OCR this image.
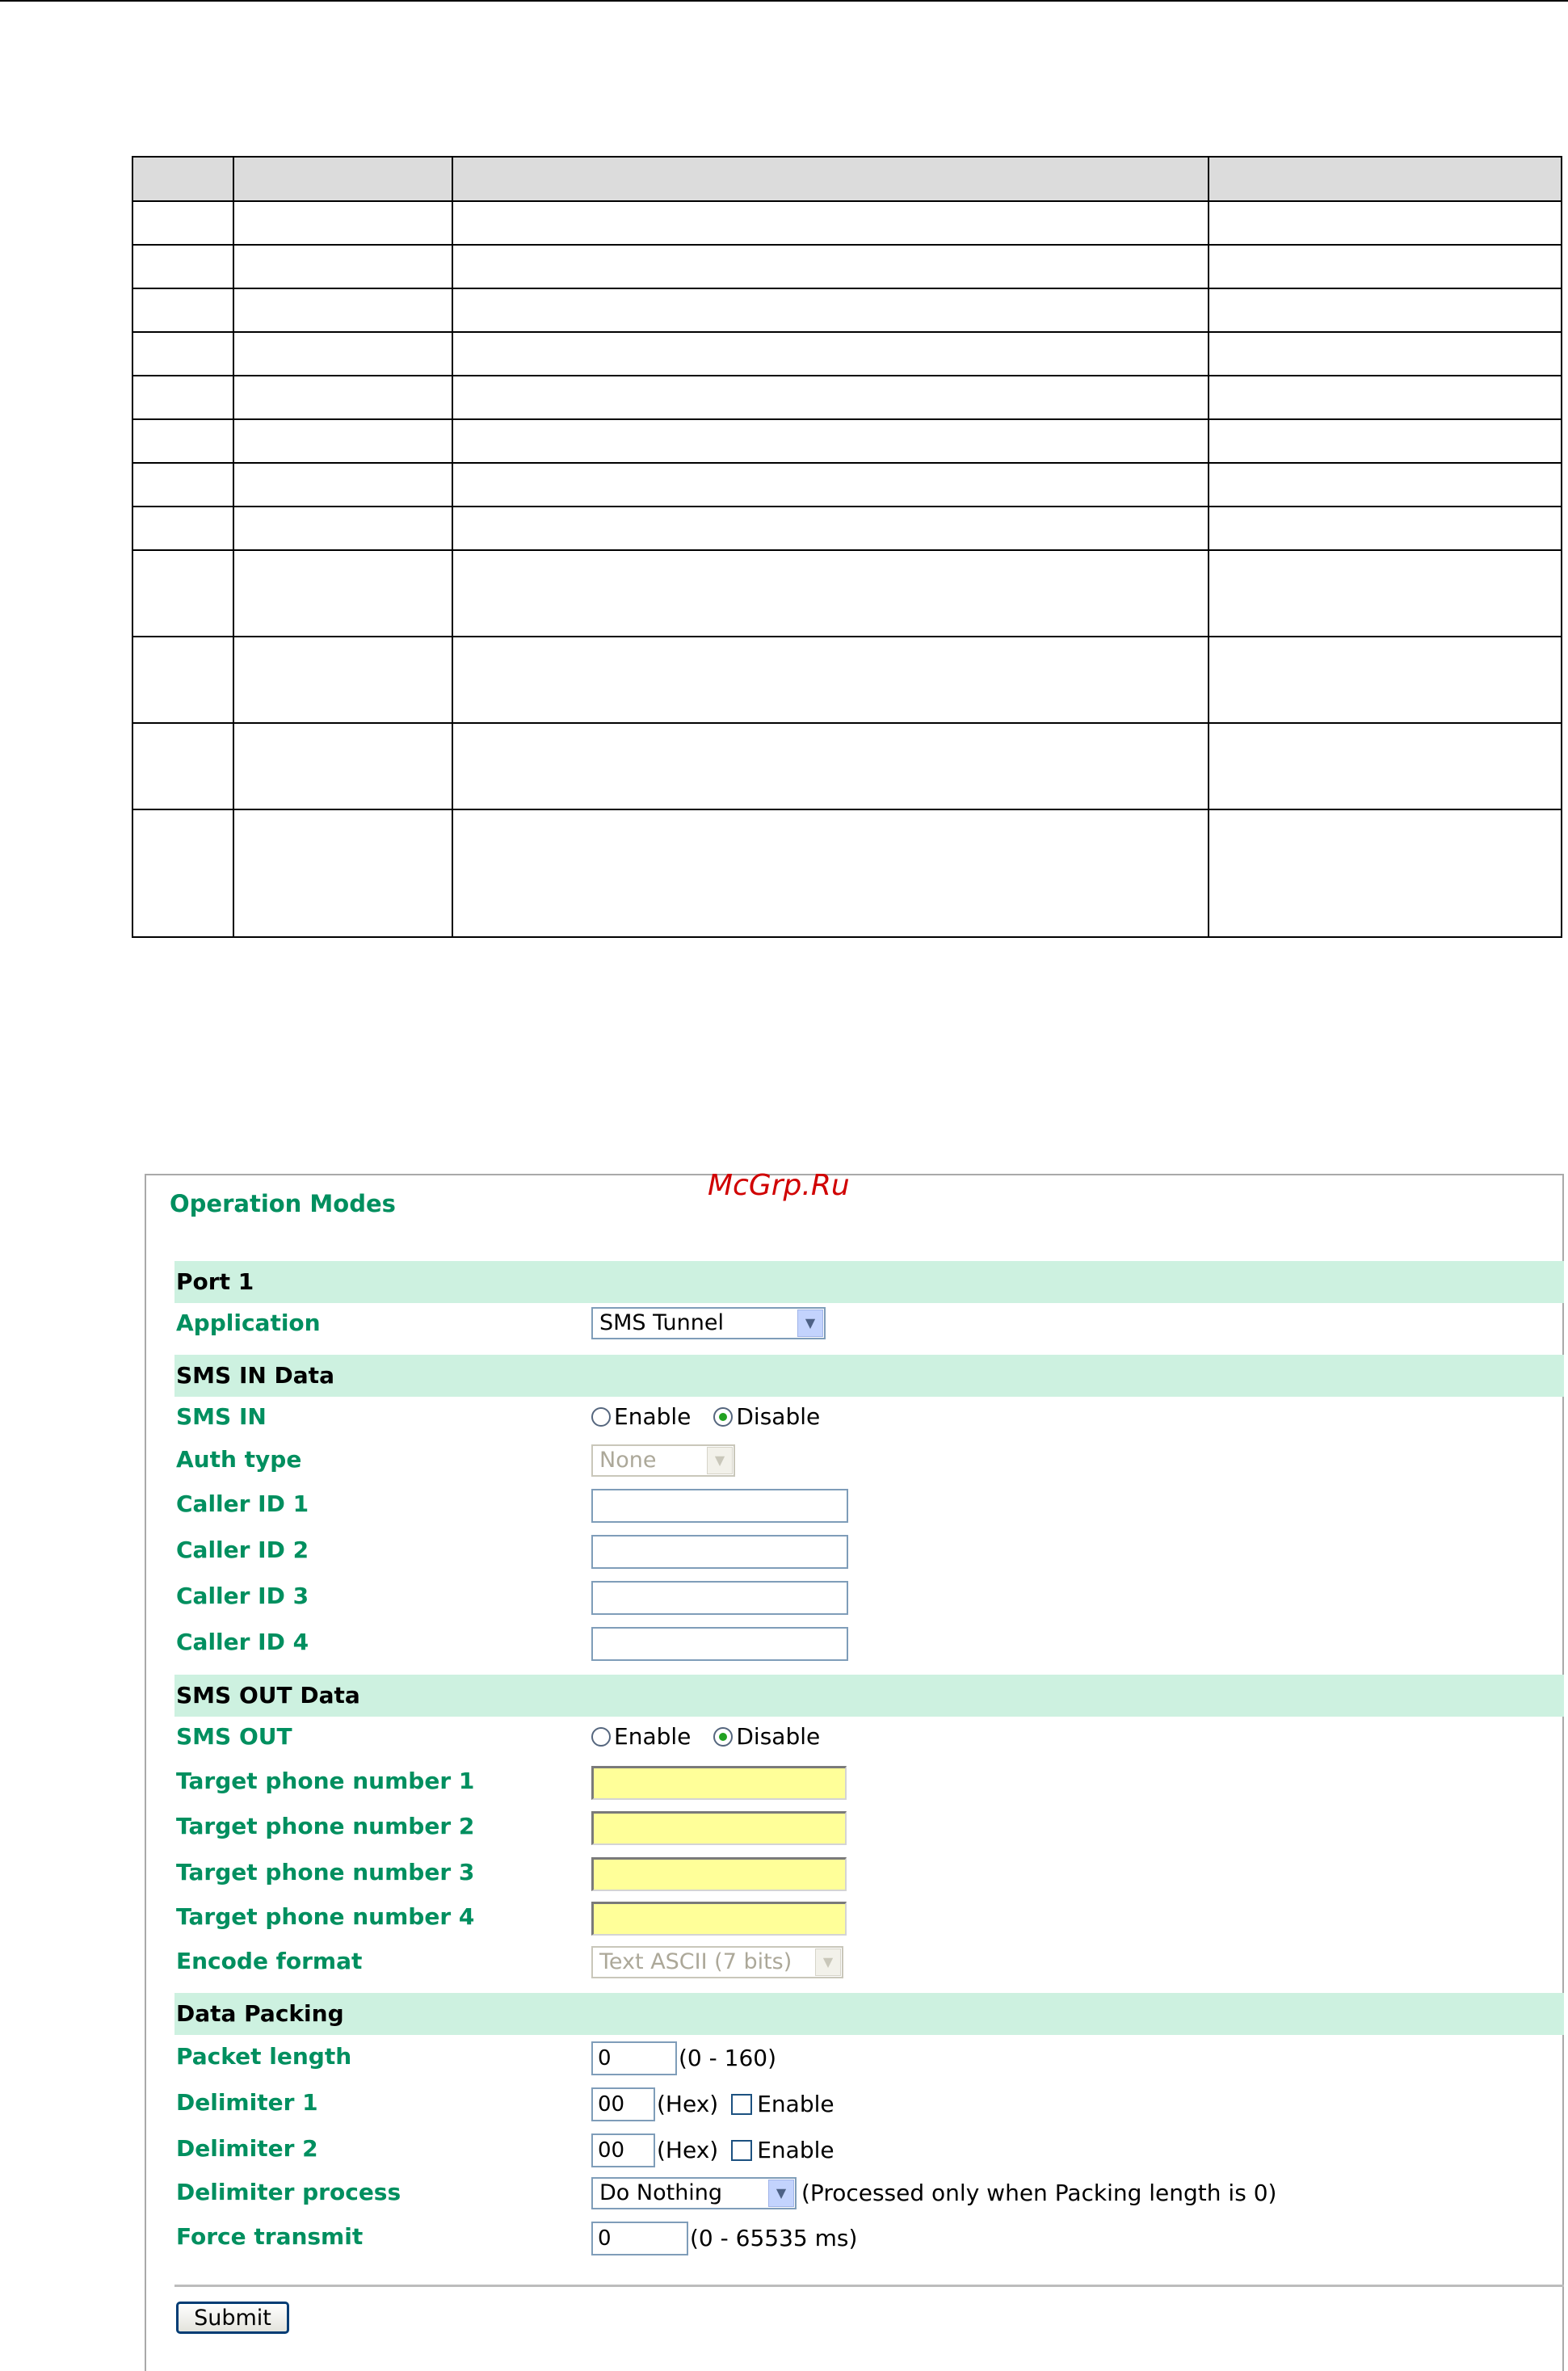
Operation Modes
McGrp.Ru
Port 1
Application	SMS Tunnel	▼
SMS IN Data
SMS IN	Enable Disable
Auth type	None	▼
Caller ID 1
Caller ID 2
Caller ID 3
Caller ID 4
SMS OUT Data
SMS OUT	Enable Disable
Target phone number 1
Target phone number 2
Target phone number 3
Target phone number 4
Encode format	Text ASCII (7 bits)	▼
Data Packing
Packet length	0	(0 - 160)
Delimiter 1	00	(Hex) Enable
Delimiter 2	00	(Hex) Enable
Delimiter process	Do Nothing	▼ (Processed only when Packing length is 0)
Force transmit	0	(0 - 65535 ms)
Submit
